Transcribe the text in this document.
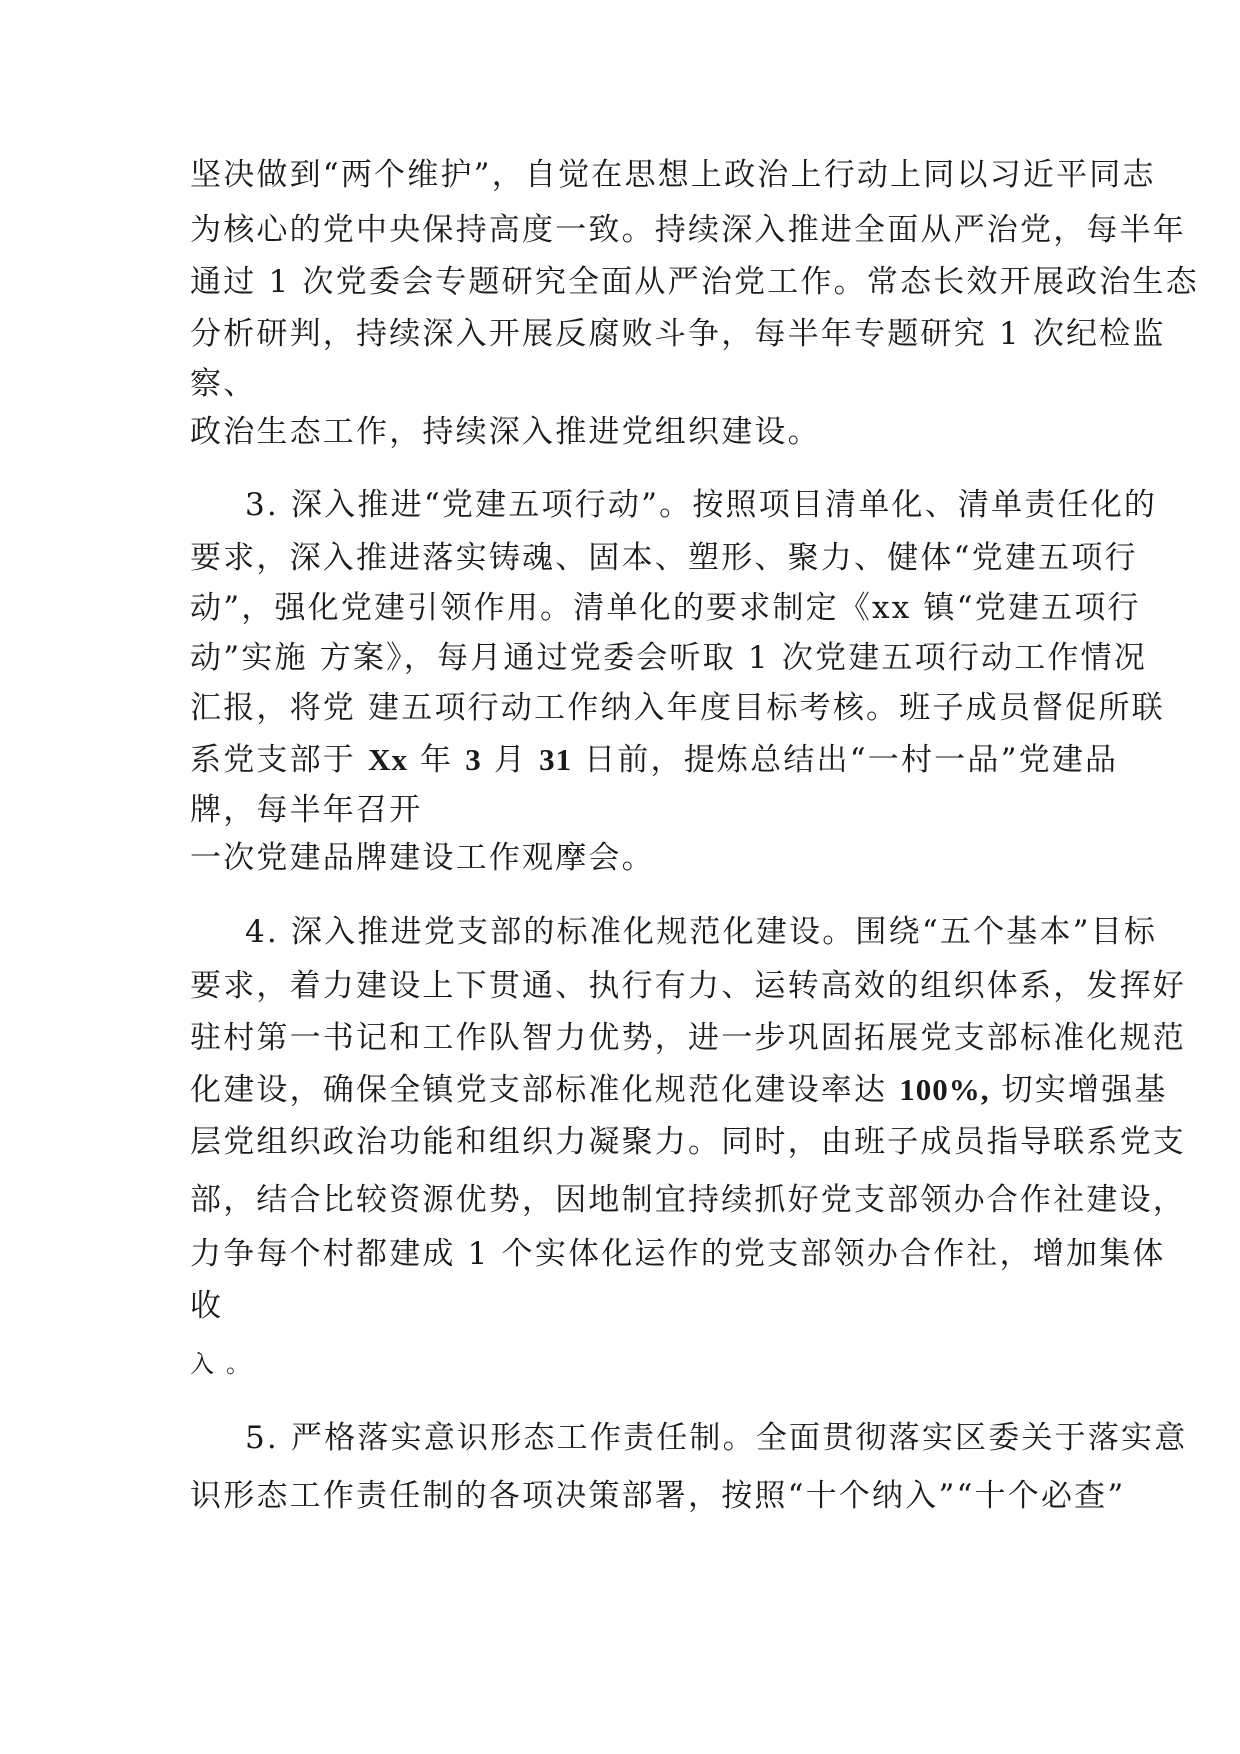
坚决做到“两个维护”，自觉在思想上政治上行动上同以习近平同志
为核心的党中央保持高度一致。持续深入推进全面从严治党，每半年
通过 1 次党委会专题研究全面从严治党工作。常态长效开展政治生态
分析研判，持续深入开展反腐败斗争，每半年专题研究 1 次纪检监
察、
政治生态工作，持续深入推进党组织建设。
3. 深入推进“党建五项行动”。按照项目清单化、清单责任化的
要求，深入推进落实铸魂、固本、塑形、聚力、健体“党建五项行
动”，强化党建引领作用。清单化的要求制定《xx 镇“党建五项行
动”实施 方案》，每月通过党委会听取 1 次党建五项行动工作情况
汇报，将党 建五项行动工作纳入年度目标考核。班子成员督促所联
系党支部于 Xx 年 3 月 31 日前，提炼总结出“一村一品”党建品
牌，每半年召开
一次党建品牌建设工作观摩会。
4. 深入推进党支部的标准化规范化建设。围绕“五个基本”目标
要求，着力建设上下贯通、执行有力、运转高效的组织体系，发挥好
驻村第一书记和工作队智力优势，进一步巩固拓展党支部标准化规范
化建设，确保全镇党支部标准化规范化建设率达 100%, 切实增强基
层党组织政治功能和组织力凝聚力。同时，由班子成员指导联系党支
部，结合比较资源优势，因地制宜持续抓好党支部领办合作社建设，
力争每个村都建成 1 个实体化运作的党支部领办合作社，增加集体
收
入 。
5. 严格落实意识形态工作责任制。全面贯彻落实区委关于落实意
识形态工作责任制的各项决策部署，按照“十个纳入”“十个必查”
